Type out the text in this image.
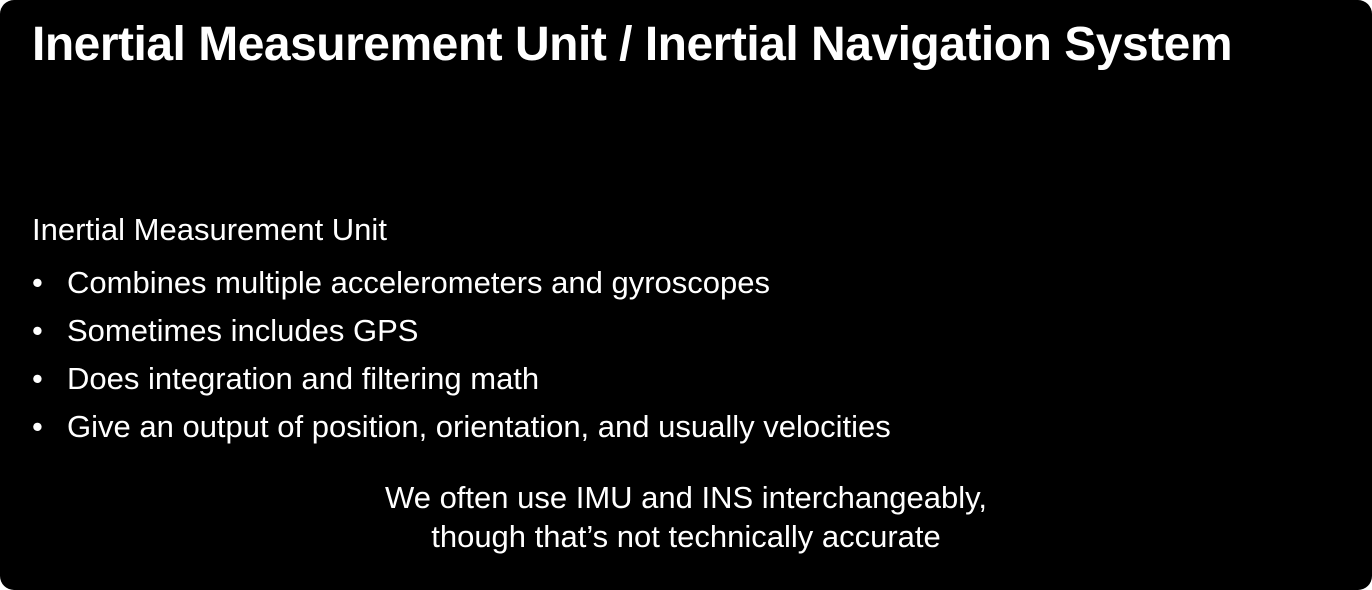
Inertial Measurement Unit / Inertial Navigation System
Inertial Measurement Unit
• Combines multiple accelerometers and gyroscopes
• Sometimes includes GPS
• Does integration and filtering math
• Give an output of position, orientation, and usually velocities
We often use IMU and INS interchangeably,
though that’s not technically accurate
